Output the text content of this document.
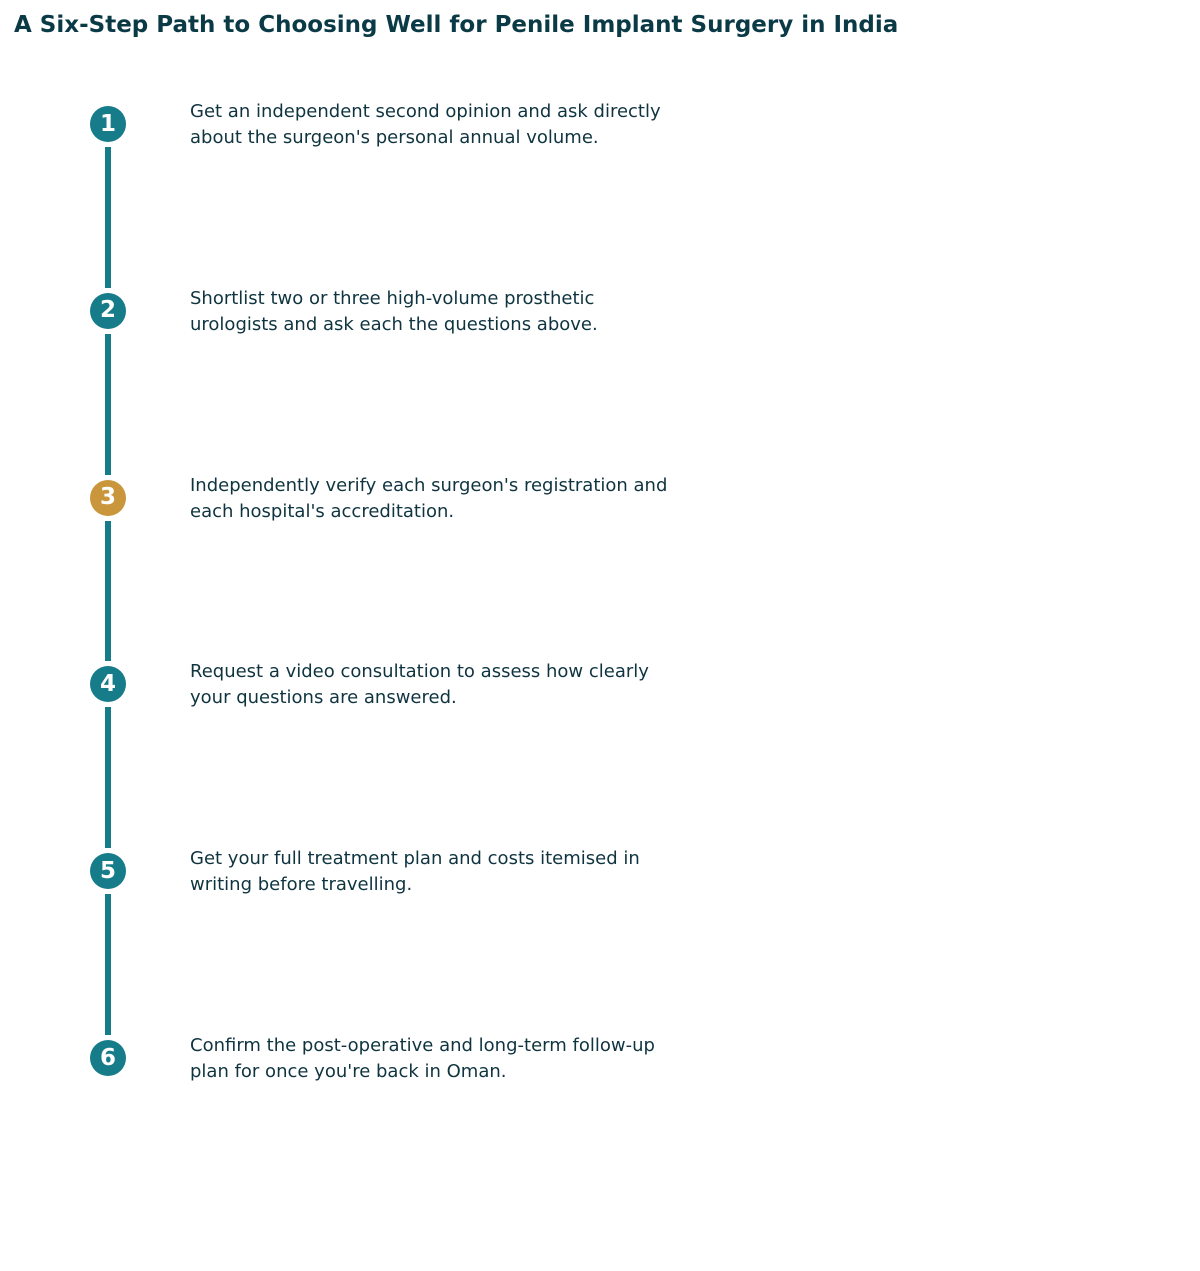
A Six-Step Path to Choosing Well for Penile Implant Surgery in India
1	Get an independent second opinion and ask directly
about the surgeon's personal annual volume.
2	Shortlist two or three high-volume prosthetic
urologists and ask each the questions above.
3	Independently verify each surgeon's registration and
each hospital's accreditation.
4	Request a video consultation to assess how clearly
your questions are answered.
5	Get your full treatment plan and costs itemised in
writing before travelling.
6	Confirm the post-operative and long-term follow-up
plan for once you're back in Oman.
